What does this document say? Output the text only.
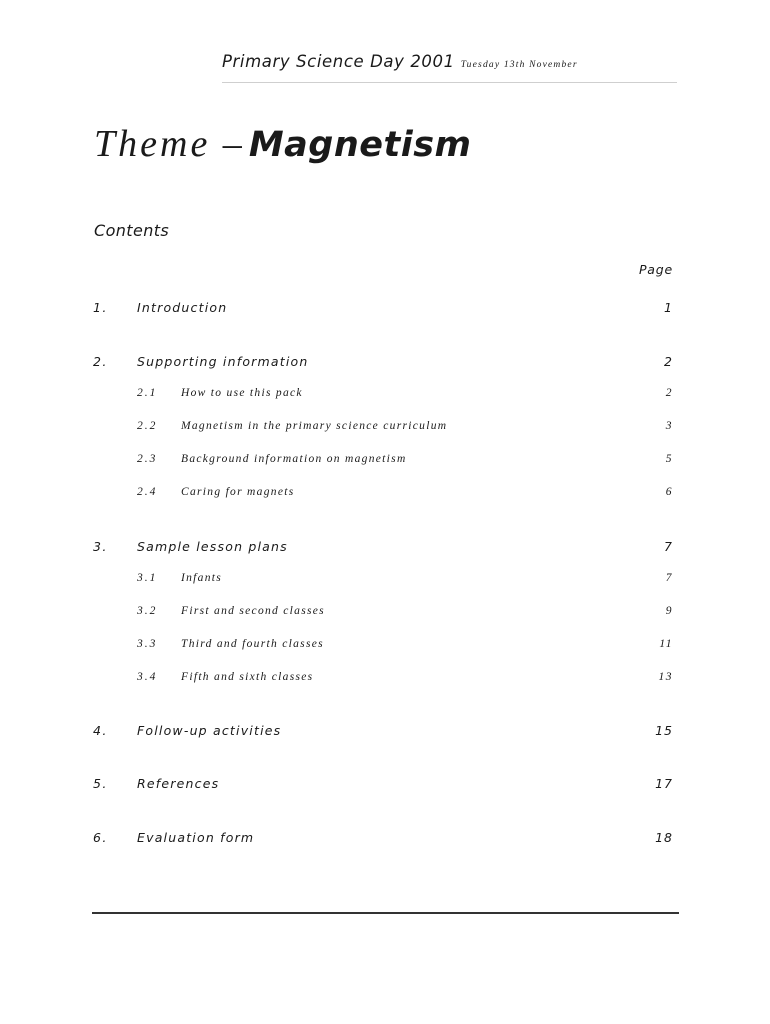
Primary Science Day 2001 Tuesday 13th November
Theme – Magnetism
Contents
Page
1. Introduction	1
2. Supporting information	2
2.1 How to use this pack	2
2.2 Magnetism in the primary science curriculum	3
2.3 Background information on magnetism	5
2.4 Caring for magnets	6
3. Sample lesson plans	7
3.1 Infants	7
3.2 First and second classes	9
3.3 Third and fourth classes	11
3.4 Fifth and sixth classes	13
4. Follow-up activities	15
5. References	17
6. Evaluation form	18
